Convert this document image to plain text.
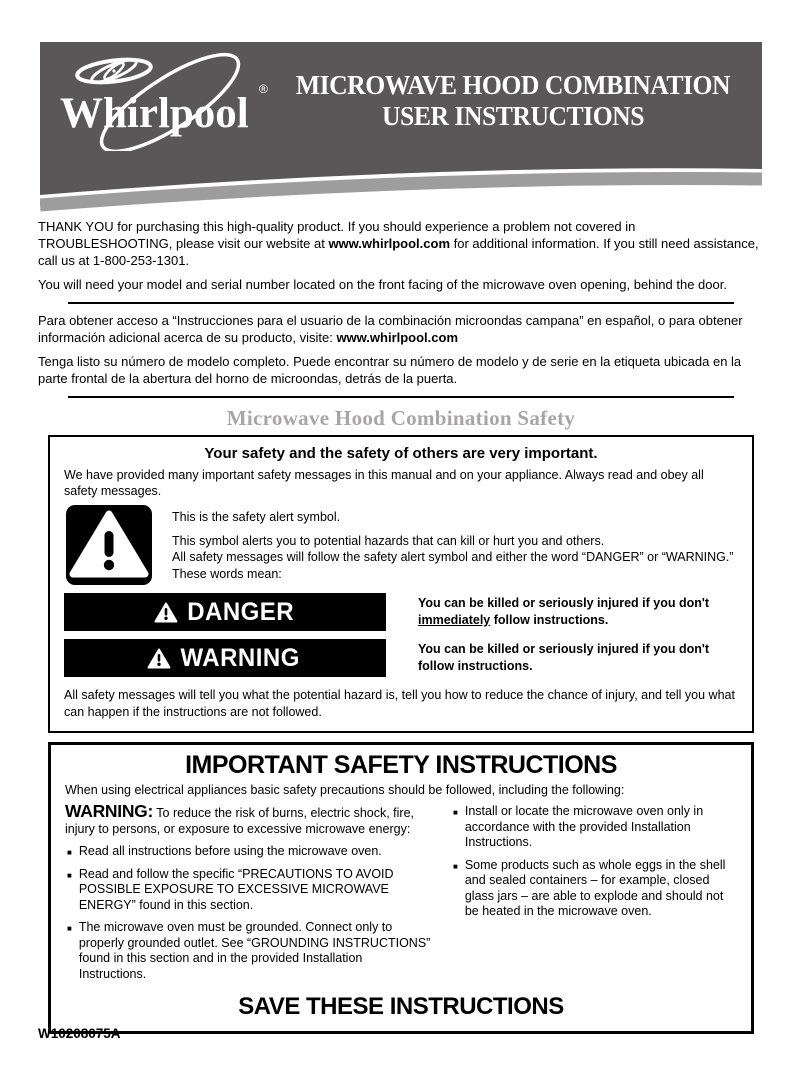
Whirlpool
® MICROWAVE HOOD COMBINATION
USER INSTRUCTIONS

THANK YOU for purchasing this high-quality product. If you should experience a problem not covered in TROUBLESHOOTING, please visit our website at www.whirlpool.com for additional information. If you still need assistance, call us at 1-800-253-1301.

You will need your model and serial number located on the front facing of the microwave oven opening, behind the door.

Para obtener acceso a “Instrucciones para el usuario de la combinación microondas campana” en español, o para obtener información adicional acerca de su producto, visite: www.whirlpool.com

Tenga listo su número de modelo completo. Puede encontrar su número de modelo y de serie en la etiqueta ubicada en la parte frontal de la abertura del horno de microondas, detrás de la puerta.

Microwave Hood Combination Safety
Your safety and the safety of others are very important.
We have provided many important safety messages in this manual and on your appliance. Always read and obey all safety messages.
This is the safety alert symbol.
This symbol alerts you to potential hazards that can kill or hurt you and others.
All safety messages will follow the safety alert symbol and either the word “DANGER” or “WARNING.”
These words mean:
DANGER	You can be killed or seriously injured if you don't immediately follow instructions.
WARNING	You can be killed or seriously injured if you don't follow instructions.
All safety messages will tell you what the potential hazard is, tell you how to reduce the chance of injury, and tell you what can happen if the instructions are not followed.
IMPORTANT SAFETY INSTRUCTIONS
When using electrical appliances basic safety precautions should be followed, including the following:
WARNING: To reduce the risk of burns, electric shock, fire, injury to persons, or exposure to excessive microwave energy:
■ Read all instructions before using the microwave oven.
■ Read and follow the specific “PRECAUTIONS TO AVOID POSSIBLE EXPOSURE TO EXCESSIVE MICROWAVE ENERGY” found in this section.
■ The microwave oven must be grounded. Connect only to properly grounded outlet. See “GROUNDING INSTRUCTIONS” found in this section and in the provided Installation Instructions.
■ Install or locate the microwave oven only in accordance with the provided Installation Instructions.
■ Some products such as whole eggs in the shell and sealed containers – for example, closed glass jars – are able to explode and should not be heated in the microwave oven.
SAVE THESE INSTRUCTIONS
W10208075A
